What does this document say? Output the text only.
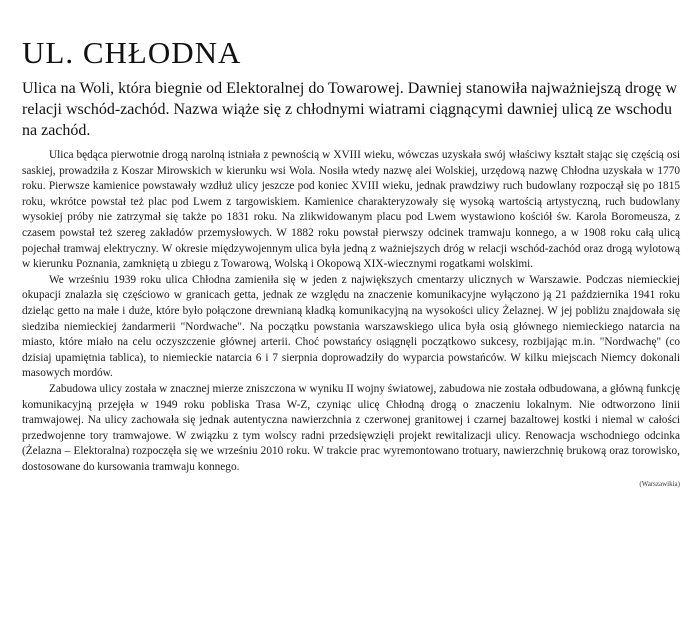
UL. CHŁODNA

Ulica na Woli, która biegnie od Elektoralnej do Towarowej. Dawniej stanowiła najważniejszą drogę w relacji wschód-zachód. Nazwa wiąże się z chłodnymi wiatrami ciągnącymi dawniej ulicą ze wschodu na zachód.

Ulica będąca pierwotnie drogą narolną istniała z pewnością w XVIII wieku, wówczas uzyskała swój właściwy kształt stając się częścią osi saskiej, prowadziła z Koszar Mirowskich w kierunku wsi Wola. Nosiła wtedy nazwę alei Wolskiej, urzędową nazwę Chłodna uzyskała w 1770 roku. Pierwsze kamienice powstawały wzdłuż ulicy jeszcze pod koniec XVIII wieku, jednak prawdziwy ruch budowlany rozpoczął się po 1815 roku, wkrótce powstał też plac pod Lwem z targowiskiem. Kamienice charakteryzowały się wysoką wartością artystyczną, ruch budowlany wysokiej próby nie zatrzymał się także po 1831 roku. Na zlikwidowanym placu pod Lwem wystawiono kościół św. Karola Boromeusza, z czasem powstał też szereg zakładów przemysłowych. W 1882 roku powstał pierwszy odcinek tramwaju konnego, a w 1908 roku całą ulicą pojechał tramwaj elektryczny. W okresie międzywojennym ulica była jedną z ważniejszych dróg w relacji wschód-zachód oraz drogą wylotową w kierunku Poznania, zamkniętą u zbiegu z Towarową, Wolską i Okopową XIX-wiecznymi rogatkami wolskimi.

We wrześniu 1939 roku ulica Chłodna zamieniła się w jeden z największych cmentarzy ulicznych w Warszawie. Podczas niemieckiej okupacji znalazła się częściowo w granicach getta, jednak ze względu na znaczenie komunikacyjne wyłączono ją 21 października 1941 roku dzieląc getto na małe i duże, które było połączone drewnianą kładką komunikacyjną na wysokości ulicy Żelaznej. W jej pobliżu znajdowała się siedziba niemieckiej żandarmerii "Nordwache". Na początku powstania warszawskiego ulica była osią głównego niemieckiego natarcia na miasto, które miało na celu oczyszczenie głównej arterii. Choć powstańcy osiągnęli początkowo sukcesy, rozbijając m.in. "Nordwachę" (co dzisiaj upamiętnia tablica), to niemieckie natarcia 6 i 7 sierpnia doprowadziły do wyparcia powstańców. W kilku miejscach Niemcy dokonali masowych mordów.

Zabudowa ulicy została w znacznej mierze zniszczona w wyniku II wojny światowej, zabudowa nie została odbudowana, a główną funkcję komunikacyjną przejęła w 1949 roku pobliska Trasa W-Z, czyniąc ulicę Chłodną drogą o znaczeniu lokalnym. Nie odtworzono linii tramwajowej. Na ulicy zachowała się jednak autentyczna nawierzchnia z czerwonej granitowej i czarnej bazaltowej kostki i niemal w całości przedwojenne tory tramwajowe. W związku z tym wolscy radni przedsięwzięli projekt rewitalizacji ulicy. Renowacja wschodniego odcinka (Żelazna – Elektoralna) rozpoczęła się we wrześniu 2010 roku. W trakcie prac wyremontowano trotuary, nawierzchnię brukową oraz torowisko, dostosowane do kursowania tramwaju konnego.

(Warszawikia)
